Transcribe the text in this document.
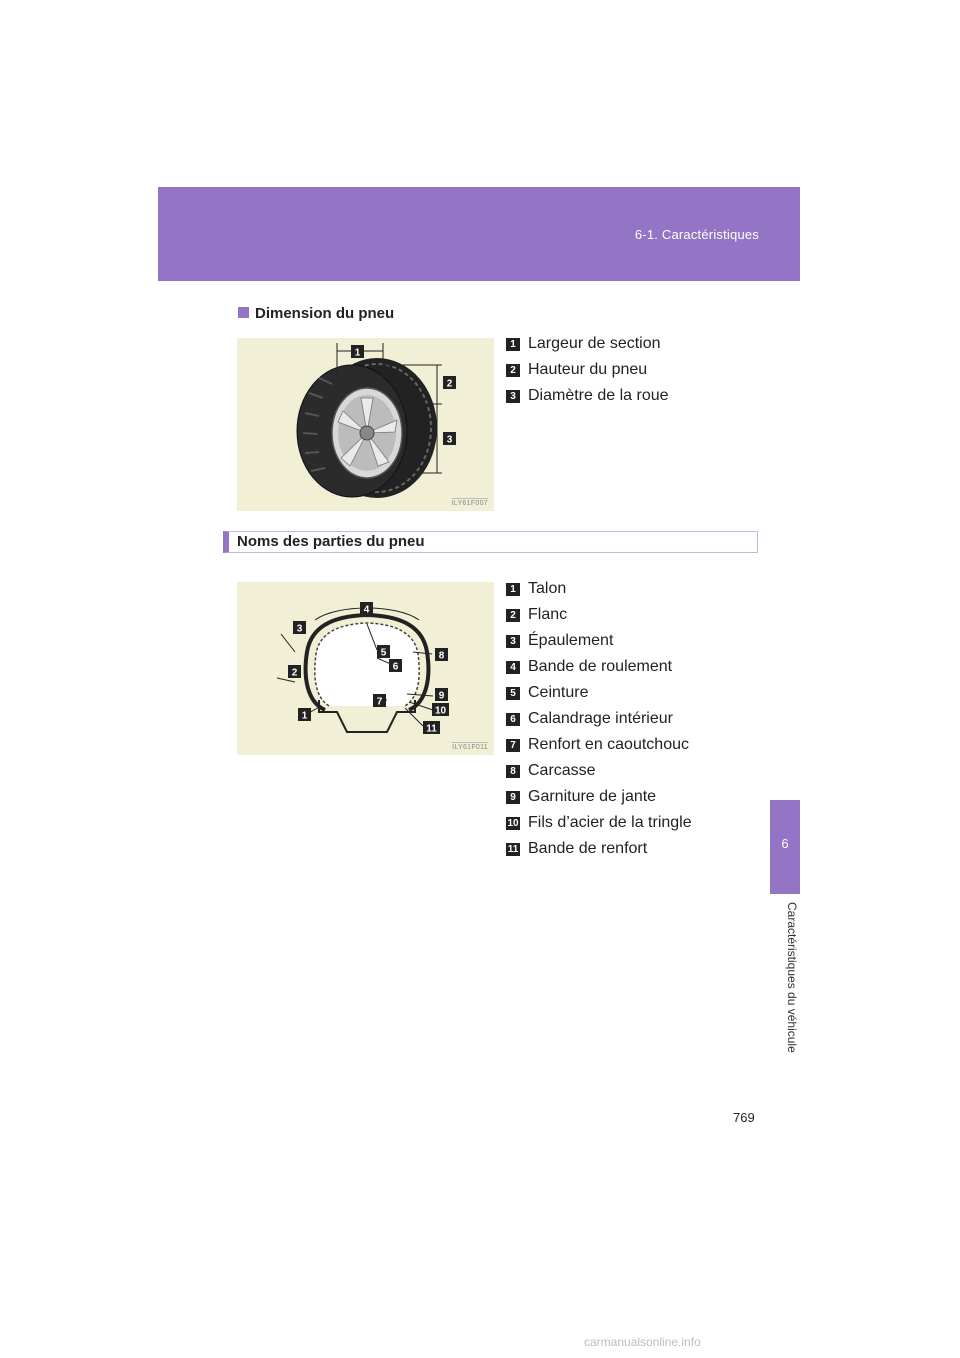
6-1. Caractéristiques
6
Caractéristiques du véhicule
Dimension du pneu
1
2
3
ILY61F007
1 Largeur de section
2 Hauteur du pneu
3 Diamètre de la roue
Noms des parties du pneu
3
4
2
1
5
6
7
8
9
10
11
ILY61F011
1 Talon
2 Flanc
3 Épaulement
4 Bande de roulement
5 Ceinture
6 Calandrage intérieur
7 Renfort en caoutchouc
8 Carcasse
9 Garniture de jante
10 Fils d’acier de la tringle
11 Bande de renfort
769
carmanualsonline.info
